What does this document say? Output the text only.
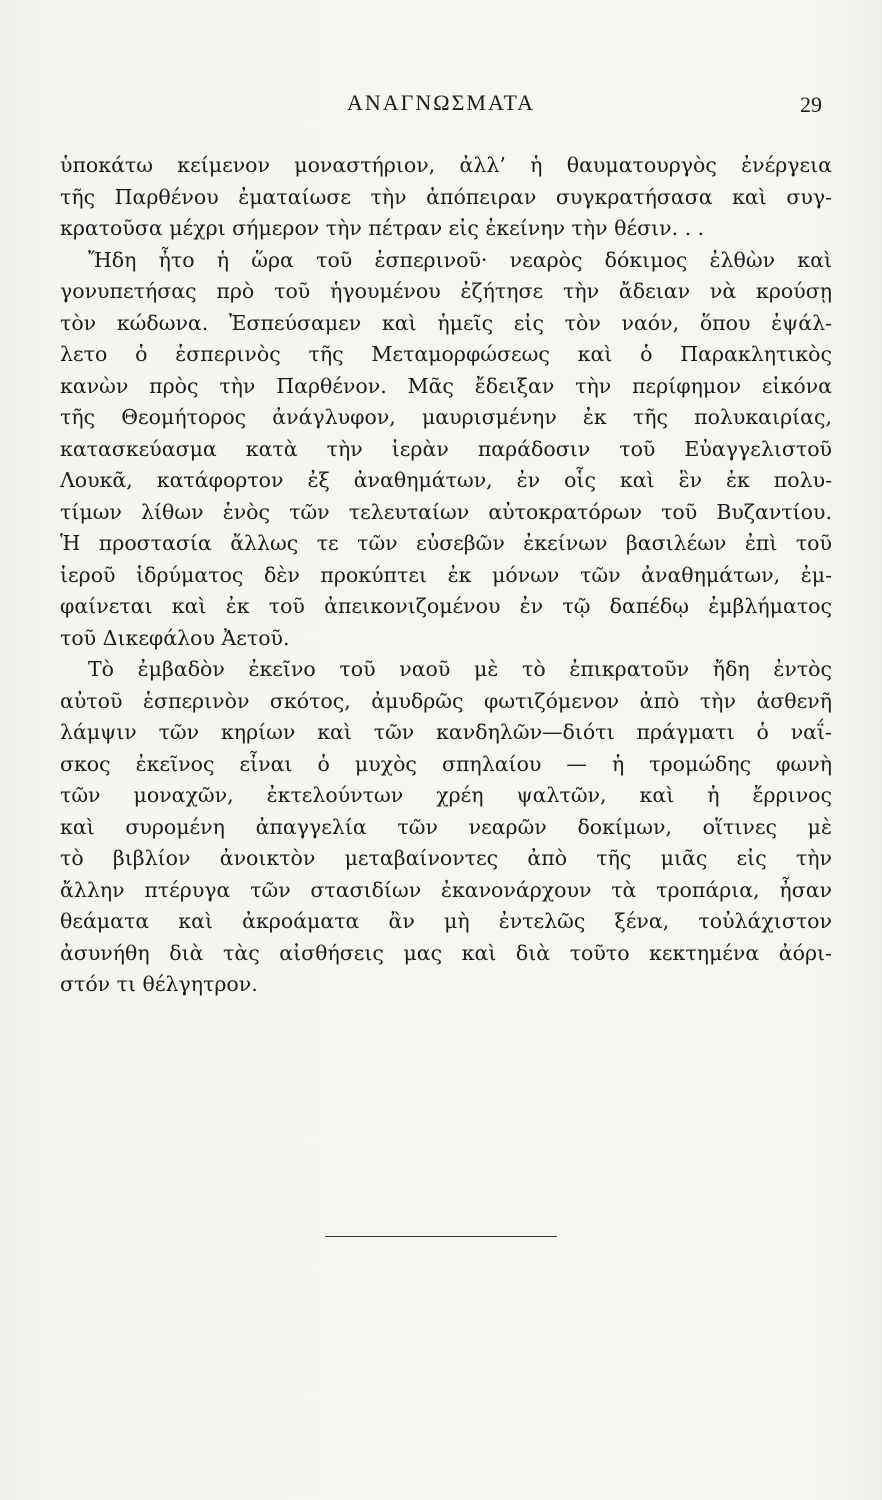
ΑΝΑΓΝΩΣΜΑΤΑ	29
ὑποκάτω κείμενον μοναστήριον, ἀλλ’ ἡ θαυματουργὸς ἐνέργεια
τῆς Παρθένου ἐματαίωσε τὴν ἀπόπειραν συγκρατήσασα καὶ συγ-
κρατοῦσα μέχρι σήμερον τὴν πέτραν εἰς ἐκείνην τὴν θέσιν. . .
Ἤδη ἦτο ἡ ὥρα τοῦ ἑσπερινοῦ· νεαρὸς δόκιμος ἐλθὼν καὶ
γονυπετήσας πρὸ τοῦ ἡγουμένου ἐζήτησε τὴν ἄδειαν νὰ κρούσῃ
τὸν κώδωνα. Ἐσπεύσαμεν καὶ ἡμεῖς εἰς τὸν ναόν, ὅπου ἐψάλ-
λετο ὁ ἑσπερινὸς τῆς Μεταμορφώσεως καὶ ὁ Παρακλητικὸς
κανὼν πρὸς τὴν Παρθένον. Μᾶς ἔδειξαν τὴν περίφημον εἰκόνα
τῆς Θεομήτορος ἀνάγλυφον, μαυρισμένην ἐκ τῆς πολυκαιρίας,
κατασκεύασμα κατὰ τὴν ἱερὰν παράδοσιν τοῦ Εὐαγγελιστοῦ
Λουκᾶ, κατάφορτον ἐξ ἀναθημάτων, ἐν οἷς καὶ ἓν ἐκ πολυ-
τίμων λίθων ἑνὸς τῶν τελευταίων αὐτοκρατόρων τοῦ Βυζαντίου.
Ἡ προστασία ἄλλως τε τῶν εὐσεβῶν ἐκείνων βασιλέων ἐπὶ τοῦ
ἱεροῦ ἱδρύματος δὲν προκύπτει ἐκ μόνων τῶν ἀναθημάτων, ἐμ-
φαίνεται καὶ ἐκ τοῦ ἀπεικονιζομένου ἐν τῷ δαπέδῳ ἐμβλήματος
τοῦ Δικεφάλου Ἀετοῦ.
Τὸ ἐμβαδὸν ἐκεῖνο τοῦ ναοῦ μὲ τὸ ἐπικρατοῦν ἤδη ἐντὸς
αὐτοῦ ἑσπερινὸν σκότος, ἀμυδρῶς φωτιζόμενον ἀπὸ τὴν ἀσθενῆ
λάμψιν τῶν κηρίων καὶ τῶν κανδηλῶν—διότι πράγματι ὁ ναΐ-
σκος ἐκεῖνος εἶναι ὁ μυχὸς σπηλαίου — ἡ τρομώδης φωνὴ
τῶν μοναχῶν, ἐκτελούντων χρέη ψαλτῶν, καὶ ἡ ἔρρινος
καὶ συρομένη ἀπαγγελία τῶν νεαρῶν δοκίμων, οἵτινες μὲ
τὸ βιβλίον ἀνοικτὸν μεταβαίνοντες ἀπὸ τῆς μιᾶς εἰς τὴν
ἄλλην πτέρυγα τῶν στασιδίων ἐκανονάρχουν τὰ τροπάρια, ἦσαν
θεάματα καὶ ἀκροάματα ἂν μὴ ἐντελῶς ξένα, τοὐλάχιστον
ἀσυνήθη διὰ τὰς αἰσθήσεις μας καὶ διὰ τοῦτο κεκτημένα ἀόρι-
στόν τι θέλγητρον.
